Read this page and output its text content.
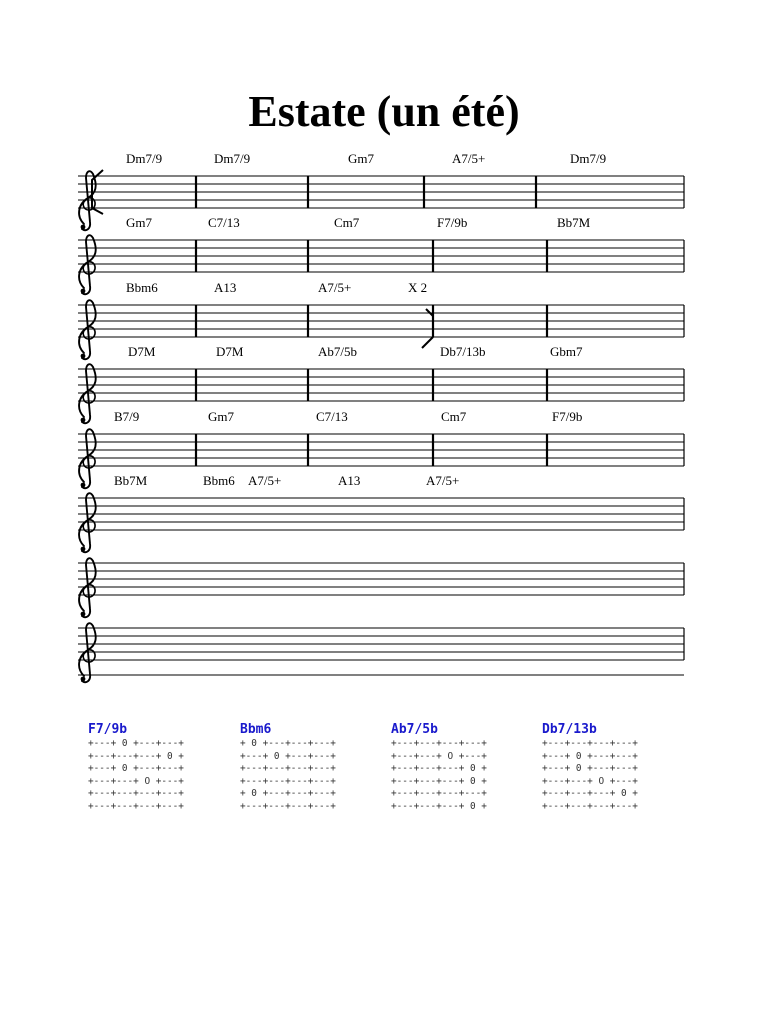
Estate (un été)
Dm7/9	Dm7/9	Gm7	A7/5+	Dm7/9
Gm7	C7/13	Cm7	F7/9b	Bb7M
Bbm6	A13	A7/5+
D7M	D7M	Ab7/5b	Db7/13b	Gbm7
B7/9	Gm7	C7/13	Cm7	F7/9b
Bb7M	Bbm6 A7/5+	A13	A7/5+
X 2
F7/9b
+---+ 0 +---+---+
+---+---+---+ 0 +
+---+ 0 +---+---+
+---+---+ O +---+
+---+---+---+---+
+---+---+---+---+
Bbm6
+ 0 +---+---+---+
+---+ 0 +---+---+
+---+---+---+---+
+---+---+---+---+
+ 0 +---+---+---+
+---+---+---+---+
Ab7/5b
+---+---+---+---+
+---+---+ O +---+
+---+---+---+ 0 +
+---+---+---+ 0 +
+---+---+---+---+
+---+---+---+ 0 +
Db7/13b
+---+---+---+---+
+---+ 0 +---+---+
+---+ 0 +---+---+
+---+---+ O +---+
+---+---+---+ 0 +
+---+---+---+---+
